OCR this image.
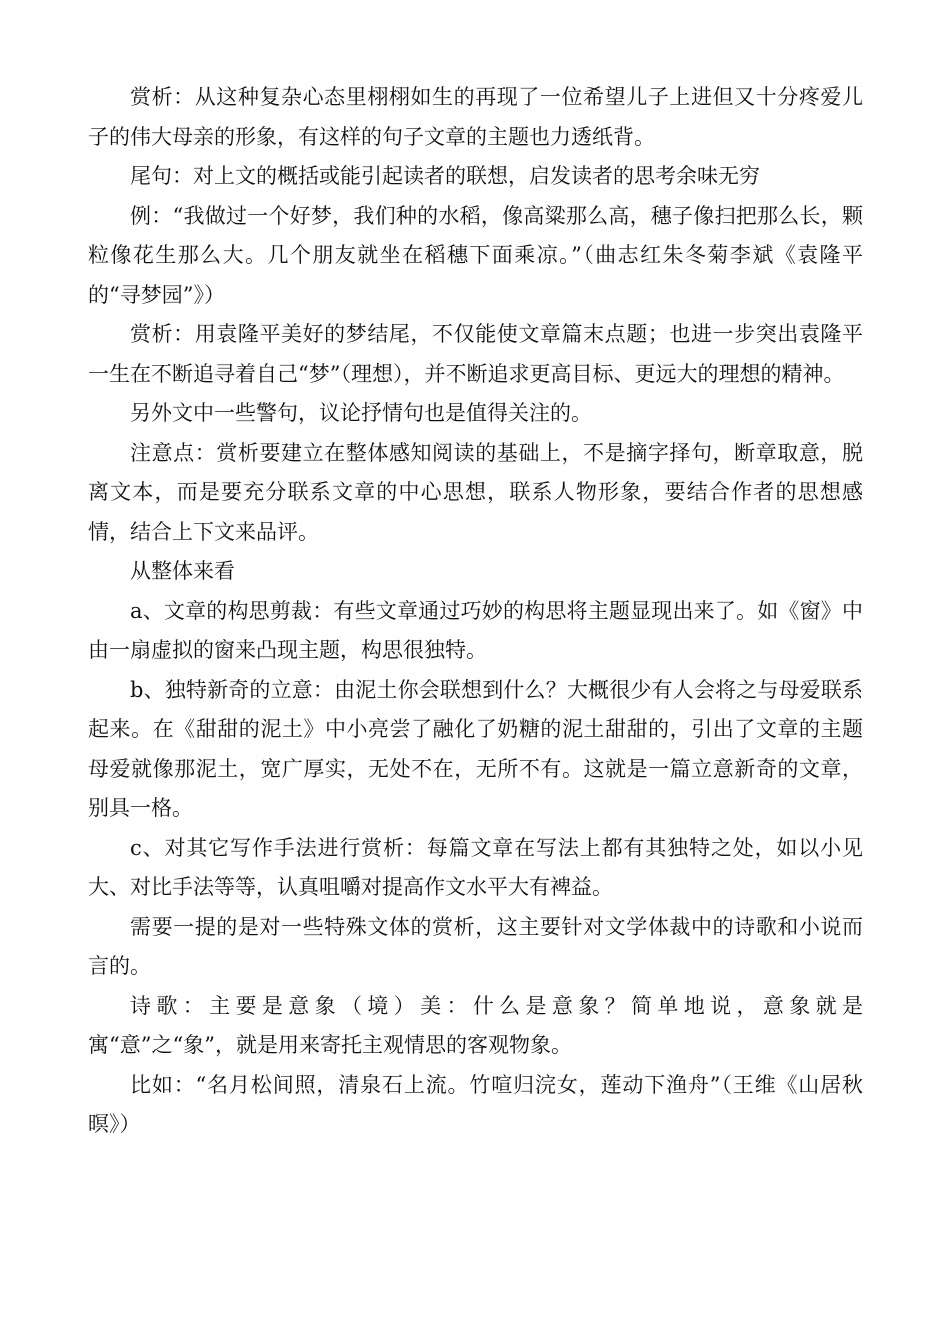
赏析：从这种复杂心态里栩栩如生的再现了一位希望儿子上进但又十分疼爱儿子的伟大母亲的形象，有这样的句子文章的主题也力透纸背。

尾句：对上文的概括或能引起读者的联想，启发读者的思考余味无穷

例：“我做过一个好梦，我们种的水稻，像高粱那么高，穗子像扫把那么长，颗粒像花生那么大。几个朋友就坐在稻穗下面乘凉。”（曲志红朱冬菊李斌《袁隆平的“寻梦园”》）

赏析：用袁隆平美好的梦结尾，不仅能使文章篇末点题；也进一步突出袁隆平一生在不断追寻着自己“梦”（理想），并不断追求更高目标、更远大的理想的精神。

另外文中一些警句，议论抒情句也是值得关注的。

注意点：赏析要建立在整体感知阅读的基础上，不是摘字择句，断章取意，脱离文本，而是要充分联系文章的中心思想，联系人物形象，要结合作者的思想感情，结合上下文来品评。

从整体来看

a、文章的构思剪裁：有些文章通过巧妙的构思将主题显现出来了。如《窗》中由一扇虚拟的窗来凸现主题，构思很独特。

b、独特新奇的立意：由泥土你会联想到什么？大概很少有人会将之与母爱联系起来。在《甜甜的泥土》中小亮尝了融化了奶糖的泥土甜甜的，引出了文章的主题母爱就像那泥土，宽广厚实，无处不在，无所不有。这就是一篇立意新奇的文章，别具一格。

c、对其它写作手法进行赏析：每篇文章在写法上都有其独特之处，如以小见大、对比手法等等，认真咀嚼对提高作文水平大有裨益。

需要一提的是对一些特殊文体的赏析，这主要针对文学体裁中的诗歌和小说而言的。

诗歌：主要是意象（境）美：什么是意象？简单地说，意象就是寓“意”之“象”，就是用来寄托主观情思的客观物象。

比如：“名月松间照，清泉石上流。竹喧归浣女，莲动下渔舟”（王维《山居秋暝》）
